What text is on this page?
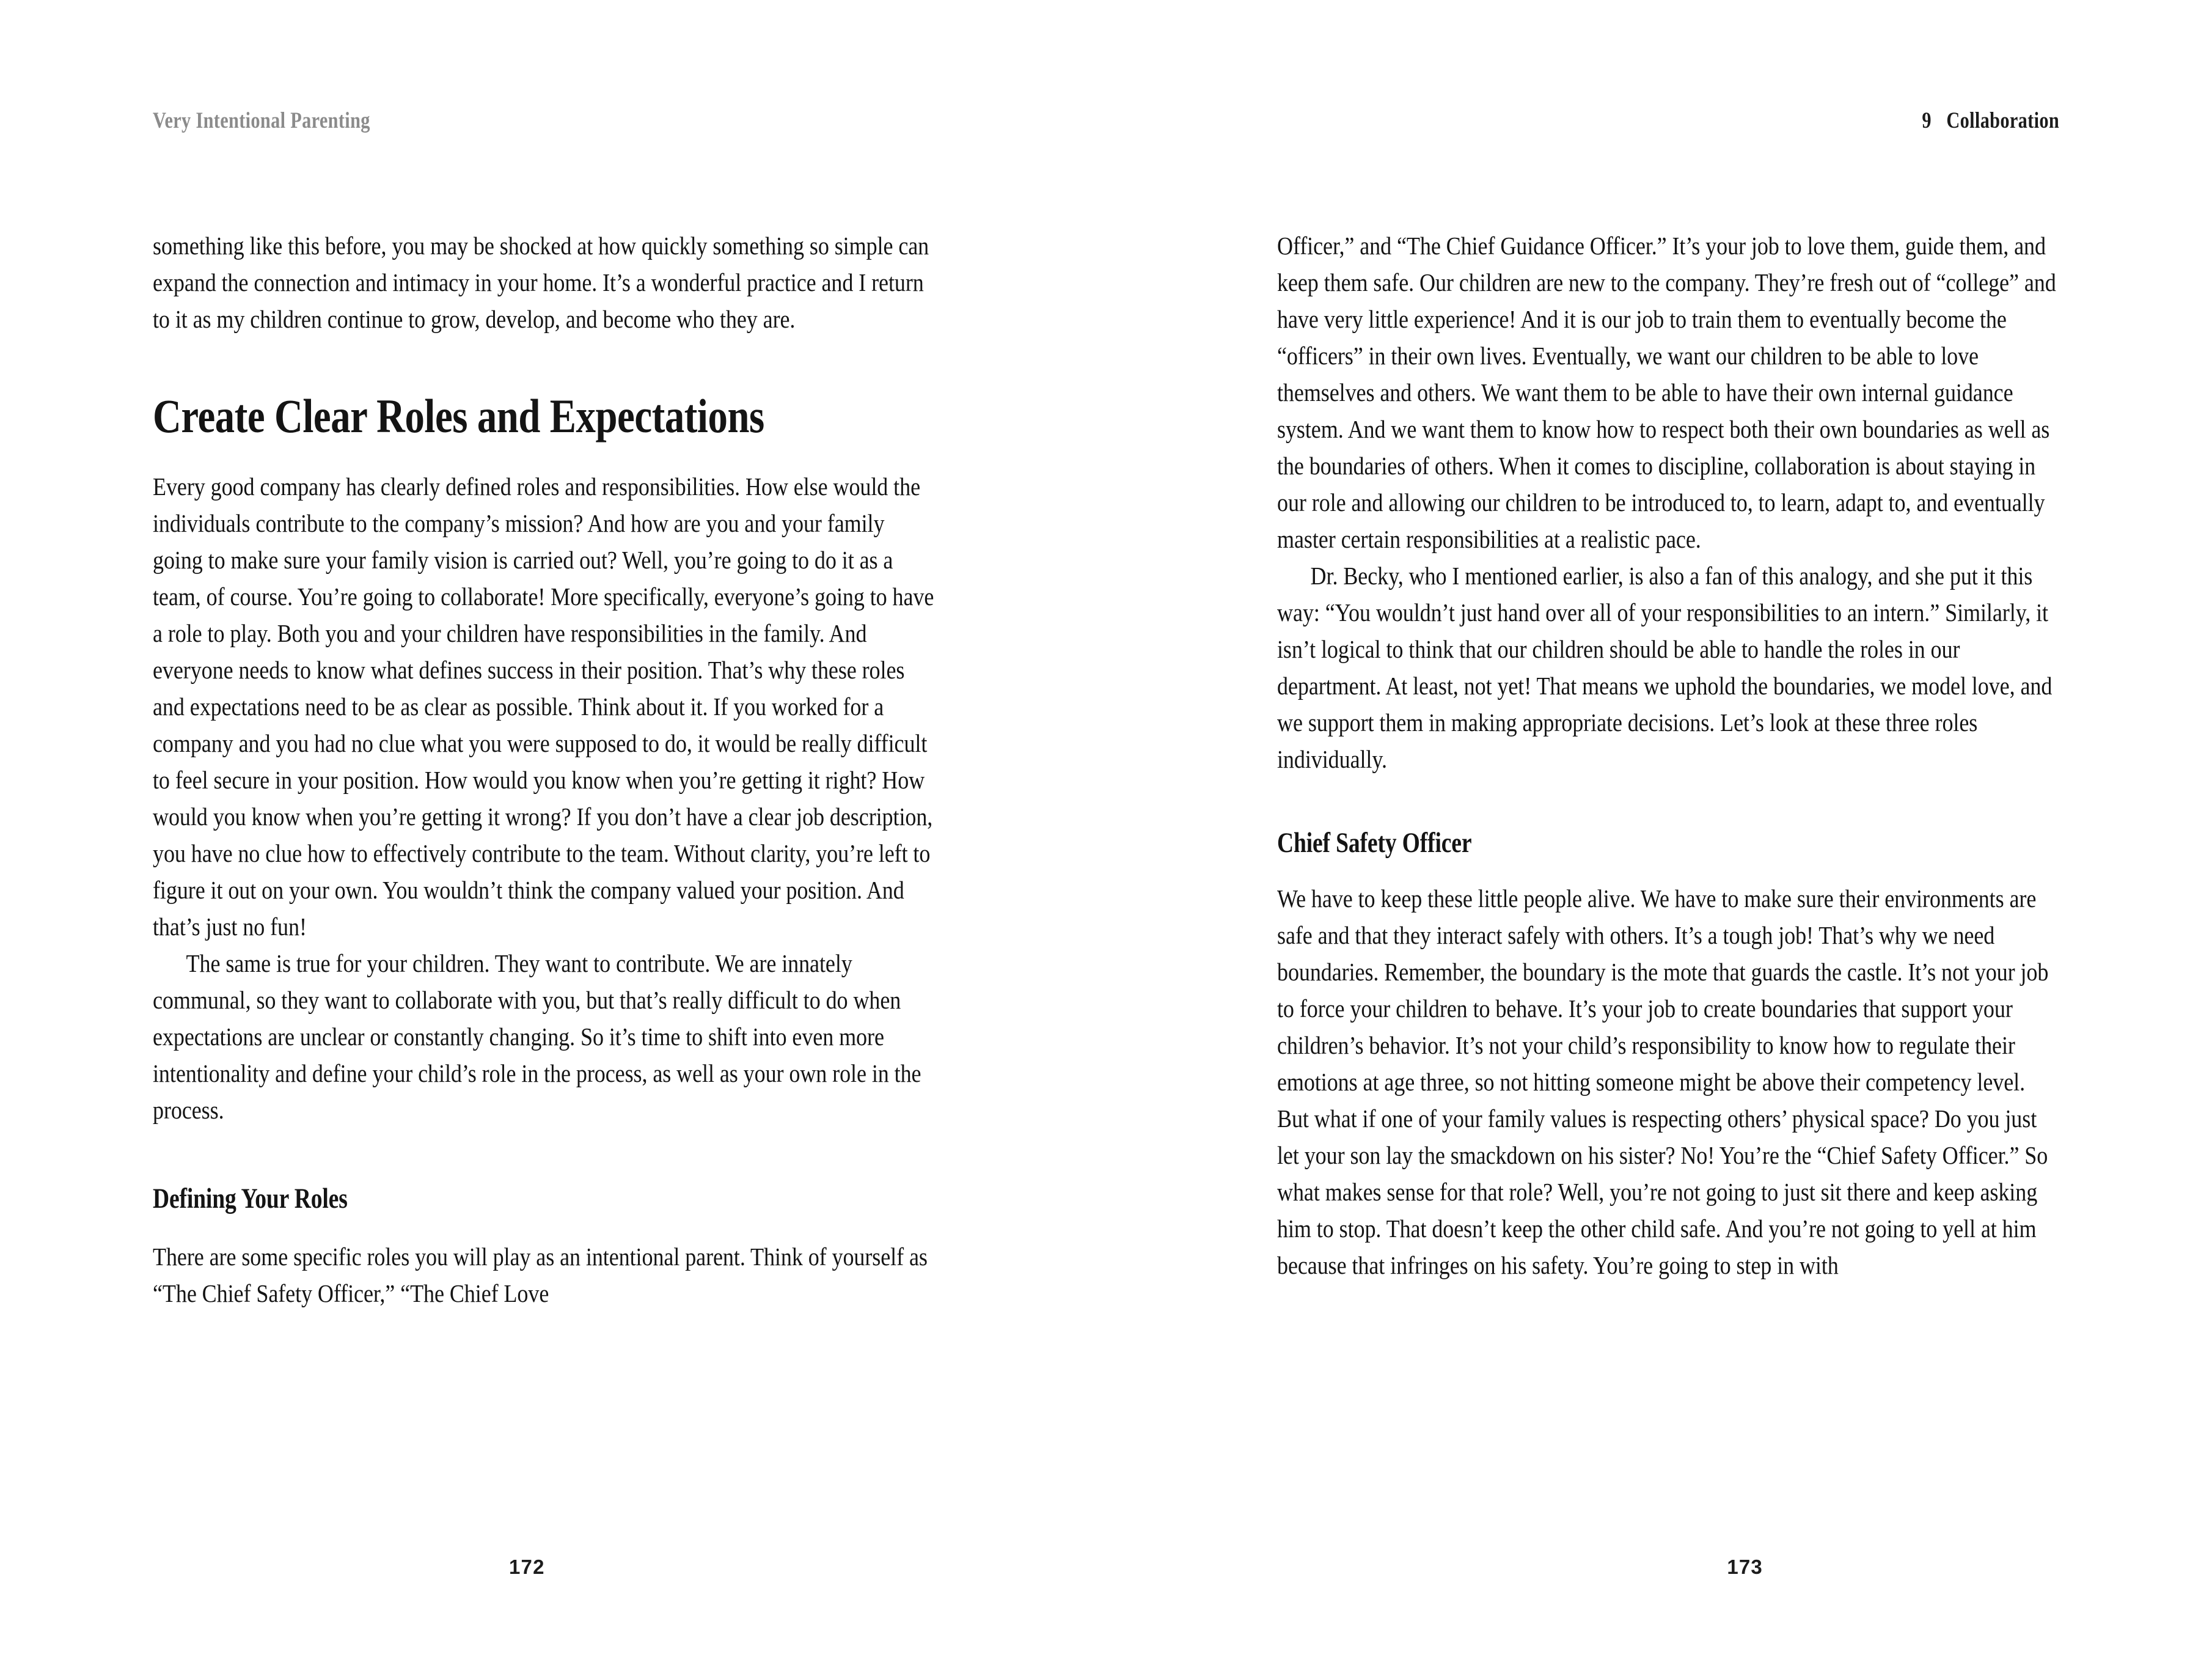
Very Intentional Parenting

something like this before, you may be shocked at how quickly something so simple can expand the connection and intimacy in your home. It’s a wonderful practice and I return to it as my children continue to grow, develop, and become who they are.

Create Clear Roles and Expectations

Every good company has clearly defined roles and responsibilities. How else would the individuals contribute to the company’s mission? And how are you and your family going to make sure your family vision is carried out? Well, you’re going to do it as a team, of course. You’re going to collaborate! More specifically, everyone’s going to have a role to play. Both you and your children have responsibilities in the family. And everyone needs to know what defines success in their position. That’s why these roles and expectations need to be as clear as possible. Think about it. If you worked for a company and you had no clue what you were supposed to do, it would be really difficult to feel secure in your position. How would you know when you’re getting it right? How would you know when you’re getting it wrong? If you don’t have a clear job description, you have no clue how to effectively contribute to the team. Without clarity, you’re left to figure it out on your own. You wouldn’t think the company valued your position. And that’s just no fun!

The same is true for your children. They want to contribute. We are innately communal, so they want to collaborate with you, but that’s really difficult to do when expectations are unclear or constantly changing. So it’s time to shift into even more intentionality and define your child’s role in the process, as well as your own role in the process.

Defining Your Roles

There are some specific roles you will play as an intentional parent. Think of yourself as “The Chief Safety Officer,” “The Chief Love

172
9 Collaboration

Officer,” and “The Chief Guidance Officer.” It’s your job to love them, guide them, and keep them safe. Our children are new to the company. They’re fresh out of “college” and have very little experience! And it is our job to train them to eventually become the “officers” in their own lives. Eventually, we want our children to be able to love themselves and others. We want them to be able to have their own internal guidance system. And we want them to know how to respect both their own boundaries as well as the boundaries of others. When it comes to discipline, collaboration is about staying in our role and allowing our children to be introduced to, to learn, adapt to, and eventually master certain responsibilities at a realistic pace.

Dr. Becky, who I mentioned earlier, is also a fan of this analogy, and she put it this way: “You wouldn’t just hand over all of your responsibilities to an intern.” Similarly, it isn’t logical to think that our children should be able to handle the roles in our department. At least, not yet! That means we uphold the boundaries, we model love, and we support them in making appropriate decisions. Let’s look at these three roles individually.

Chief Safety Officer

We have to keep these little people alive. We have to make sure their environments are safe and that they interact safely with others. It’s a tough job! That’s why we need boundaries. Remember, the boundary is the mote that guards the castle. It’s not your job to force your children to behave. It’s your job to create boundaries that support your children’s behavior. It’s not your child’s responsibility to know how to regulate their emotions at age three, so not hitting someone might be above their competency level. But what if one of your family values is respecting others’ physical space? Do you just let your son lay the smackdown on his sister? No! You’re the “Chief Safety Officer.” So what makes sense for that role? Well, you’re not going to just sit there and keep asking him to stop. That doesn’t keep the other child safe. And you’re not going to yell at him because that infringes on his safety. You’re going to step in with

173
